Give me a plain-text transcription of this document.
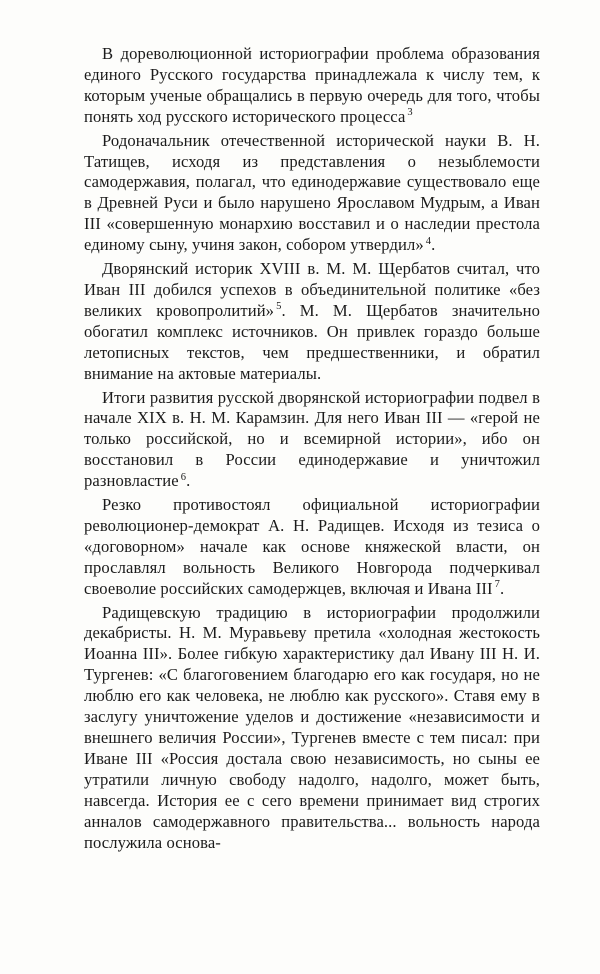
В дореволюционной историографии проблема образования единого Русского государства принадлежала к числу тем, к которым ученые обращались в первую очередь для того, чтобы понять ход русского исторического процесса $^3$

Родоначальник отечественной исторической науки В. Н. Татищев, исходя из представления о незыблемости самодержавия, полагал, что единодержавие существовало еще в Древней Руси и было нарушено Ярославом Мудрым, а Иван III «совершенную монархию восставил и о наследии престола единому сыну, учиня закон, собором утвердил» $^4$.

Дворянский историк XVIII в. М. М. Щербатов считал, что Иван III добился успехов в объединительной политике «без великих кровопролитий» $^5$. М. М. Щербатов значительно обогатил комплекс источников. Он привлек гораздо больше летописных текстов, чем предшественники, и обратил внимание на актовые материалы.

Итоги развития русской дворянской историографии подвел в начале XIX в. Н. М. Карамзин. Для него Иван III — «герой не только российской, но и всемирной истории», ибо он восстановил в России единодержавие и уничтожил разновластие $^6$.

Резко противостоял официальной историографии революционер-демократ А. Н. Радищев. Исходя из тезиса о «договорном» начале как основе княжеской власти, он прославлял вольность Великого Новгорода подчеркивал своеволие российских самодержцев, включая и Ивана III $^7$.

Радищевскую традицию в историографии продолжили декабристы. Н. М. Муравьеву претила «холодная жестокость Иоанна III». Более гибкую характеристику дал Ивану III Н. И. Тургенев: «С благоговением благодарю его как государя, но не люблю его как человека, не люблю как русского». Ставя ему в заслугу уничтожение уделов и достижение «независимости и внешнего величия России», Тургенев вместе с тем писал: при Иване III «Россия достала свою независимость, но сыны ее утратили личную свободу надолго, надолго, может быть, навсегда. История ее с сего времени принимает вид строгих анналов самодержавного правительства... вольность народа послужила основа-
